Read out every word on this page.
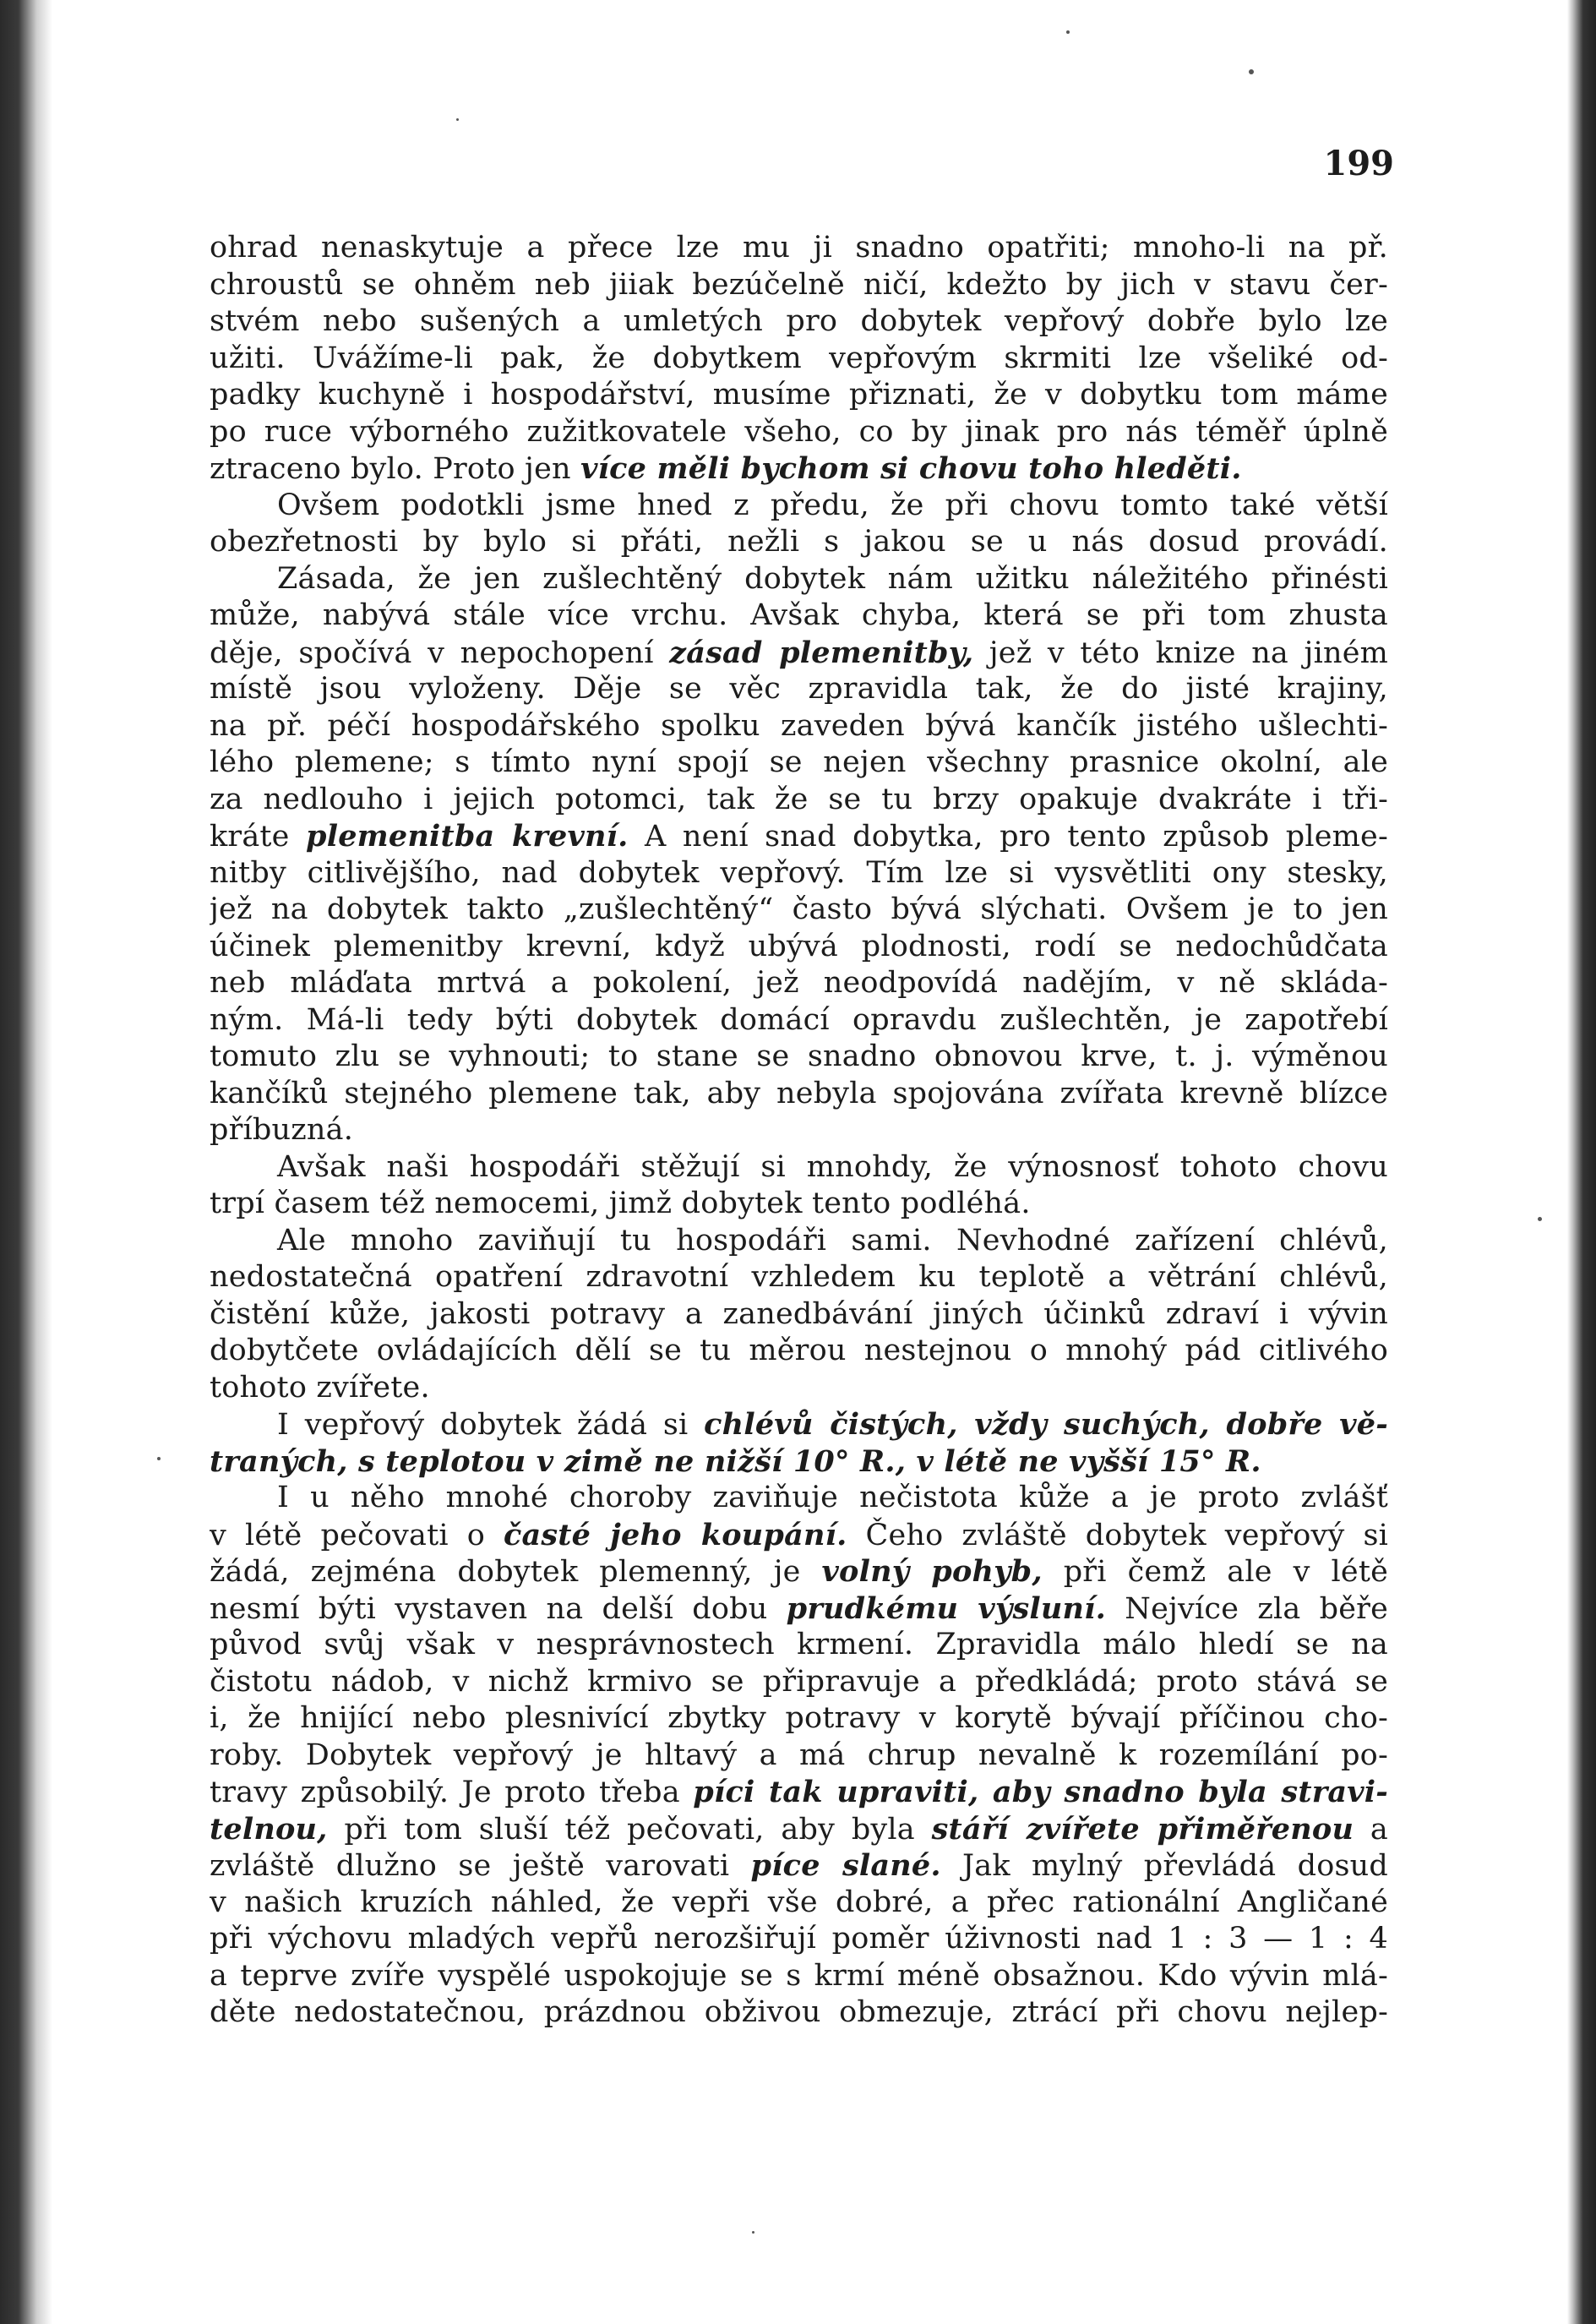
199
ohrad nenaskytuje a přece lze mu ji snadno opatřiti; mnoho-li na př.
chroustů se ohněm neb jiiak bezúčelně ničí, kdežto by jich v stavu čer-
stvém nebo sušených a umletých pro dobytek vepřový dobře bylo lze
užiti. Uvážíme-li pak, že dobytkem vepřovým skrmiti lze všeliké od-
padky kuchyně i hospodářství, musíme přiznati, že v dobytku tom máme
po ruce výborného zužitkovatele všeho, co by jinak pro nás téměř úplně
ztraceno bylo. Proto jen více měli bychom si chovu toho hleděti.
Ovšem podotkli jsme hned z předu, že při chovu tomto také větší
obezřetnosti by bylo si přáti, nežli s jakou se u nás dosud provádí.
Zásada, že jen zušlechtěný dobytek nám užitku náležitého přinésti
může, nabývá stále více vrchu. Avšak chyba, která se při tom zhusta
děje, spočívá v nepochopení zásad plemenitby, jež v této knize na jiném
místě jsou vyloženy. Děje se věc zpravidla tak, že do jisté krajiny,
na př. péčí hospodářského spolku zaveden bývá kančík jistého ušlechti-
lého plemene; s tímto nyní spojí se nejen všechny prasnice okolní, ale
za nedlouho i jejich potomci, tak že se tu brzy opakuje dvakráte i tři-
kráte plemenitba krevní. A není snad dobytka, pro tento způsob pleme-
nitby citlivějšího, nad dobytek vepřový. Tím lze si vysvětliti ony stesky,
jež na dobytek takto „zušlechtěný“ často bývá slýchati. Ovšem je to jen
účinek plemenitby krevní, když ubývá plodnosti, rodí se nedochůdčata
neb mláďata mrtvá a pokolení, jež neodpovídá nadějím, v ně skláda-
ným. Má-li tedy býti dobytek domácí opravdu zušlechtěn, je zapotřebí
tomuto zlu se vyhnouti; to stane se snadno obnovou krve, t. j. výměnou
kančíků stejného plemene tak, aby nebyla spojována zvířata krevně blízce
příbuzná.
Avšak naši hospodáři stěžují si mnohdy, že výnosnosť tohoto chovu
trpí časem též nemocemi, jimž dobytek tento podléhá.
Ale mnoho zaviňují tu hospodáři sami. Nevhodné zařízení chlévů,
nedostatečná opatření zdravotní vzhledem ku teplotě a větrání chlévů,
čistění kůže, jakosti potravy a zanedbávání jiných účinků zdraví i vývin
dobytčete ovládajících dělí se tu měrou nestejnou o mnohý pád citlivého
tohoto zvířete.
I vepřový dobytek žádá si chlévů čistých, vždy suchých, dobře vě-
traných, s teplotou v zimě ne nižší 10° R., v létě ne vyšší 15° R.
I u něho mnohé choroby zaviňuje nečistota kůže a je proto zvlášť
v létě pečovati o časté jeho koupání. Čeho zvláště dobytek vepřový si
žádá, zejména dobytek plemenný, je volný pohyb, při čemž ale v létě
nesmí býti vystaven na delší dobu prudkému výsluní. Nejvíce zla běře
původ svůj však v nesprávnostech krmení. Zpravidla málo hledí se na
čistotu nádob, v nichž krmivo se připravuje a předkládá; proto stává se
i, že hnijící nebo plesnivící zbytky potravy v korytě bývají příčinou cho-
roby. Dobytek vepřový je hltavý a má chrup nevalně k rozemílání po-
travy způsobilý. Je proto třeba píci tak upraviti, aby snadno byla stravi-
telnou, při tom sluší též pečovati, aby byla stáří zvířete přiměřenou a
zvláště dlužno se ještě varovati píce slané. Jak mylný převládá dosud
v našich kruzích náhled, že vepři vše dobré, a přec rationální Angličané
při výchovu mladých vepřů nerozšiřují poměr úživnosti nad 1 : 3 — 1 : 4
a teprve zvíře vyspělé uspokojuje se s krmí méně obsažnou. Kdo vývin mlá-
děte nedostatečnou, prázdnou obživou obmezuje, ztrácí při chovu nejlep-
